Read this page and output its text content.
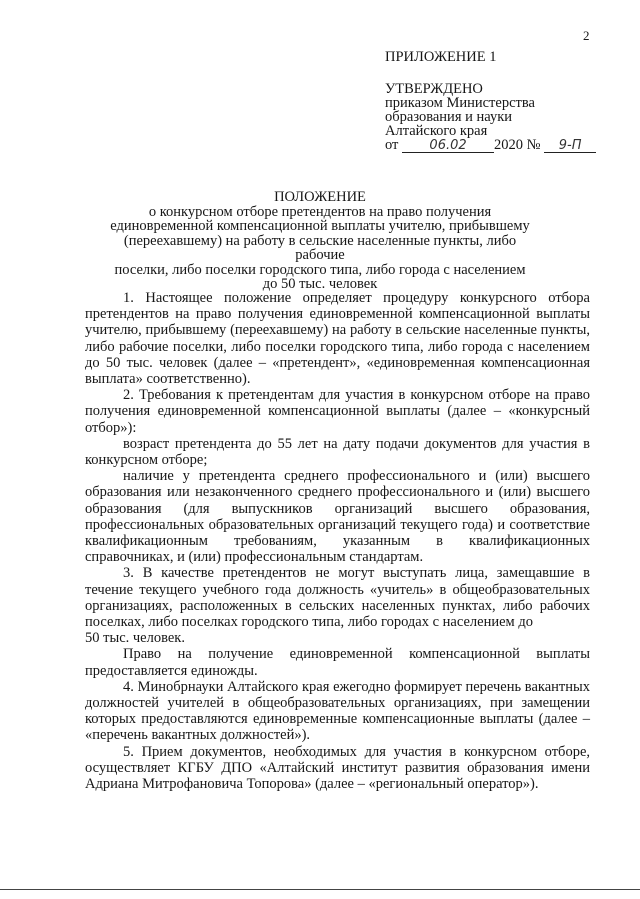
2
ПРИЛОЖЕНИЕ 1
УТВЕРЖДЕНО
приказом Министерства
образования и науки
Алтайского края
от 06.02 2020 № 9-П
ПОЛОЖЕНИЕ
о конкурсном отборе претендентов на право получения
единовременной компенсационной выплаты учителю, прибывшему
(переехавшему) на работу в сельские населенные пункты, либо рабочие
поселки, либо поселки городского типа, либо города с населением
до 50 тыс. человек

1. Настоящее положение определяет процедуру конкурсного отбора претендентов на право получения единовременной компенсационной выплаты учителю, прибывшему (переехавшему) на работу в сельские населенные пункты, либо рабочие поселки, либо поселки городского типа, либо города с населением до 50 тыс. человек (далее – «претендент», «единовременная компенсационная выплата» соответственно).

2. Требования к претендентам для участия в конкурсном отборе на право получения единовременной компенсационной выплаты (далее – «конкурсный отбор»):

возраст претендента до 55 лет на дату подачи документов для участия в конкурсном отборе;

наличие у претендента среднего профессионального и (или) высшего образования или незаконченного среднего профессионального и (или) высшего образования (для выпускников организаций высшего образования, профессиональных образовательных организаций текущего года) и соответствие квалификационным требованиям, указанным в квалификационных справочниках, и (или) профессиональным стандартам.

3. В качестве претендентов не могут выступать лица, замещавшие в течение текущего учебного года должность «учитель» в общеобразовательных организациях, расположенных в сельских населенных пунктах, либо рабочих поселках, либо поселках городского типа, либо городах с населением до

50 тыс. человек.

Право на получение единовременной компенсационной выплаты предоставляется единожды.

4. Минобрнауки Алтайского края ежегодно формирует перечень вакантных должностей учителей в общеобразовательных организациях, при замещении которых предоставляются единовременные компенсационные выплаты (далее – «перечень вакантных должностей»).

5. Прием документов, необходимых для участия в конкурсном отборе, осуществляет КГБУ ДПО «Алтайский институт развития образования имени Адриана Митрофановича Топорова» (далее – «региональный оператор»).
